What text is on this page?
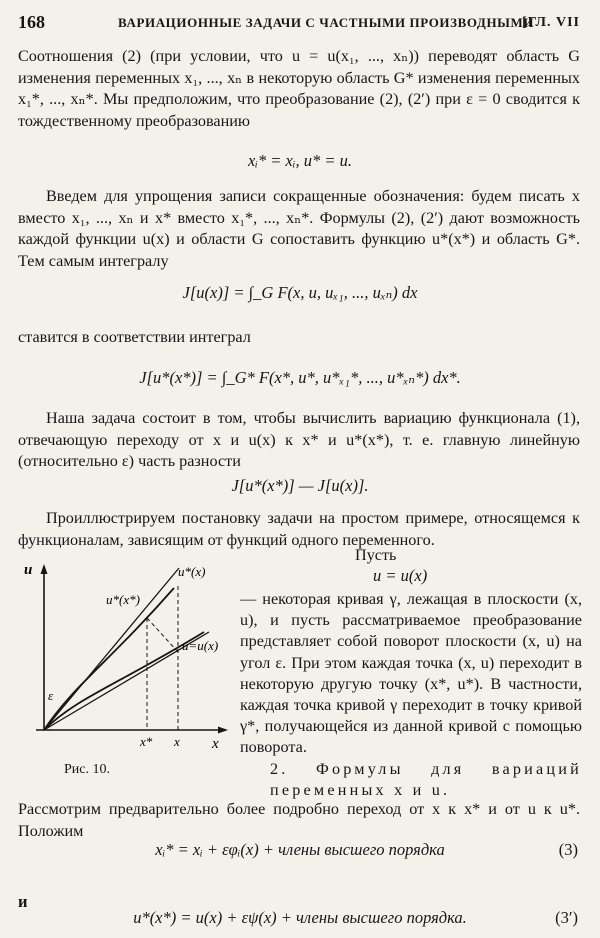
168	ВАРИАЦИОННЫЕ ЗАДАЧИ С ЧАСТНЫМИ ПРОИЗВОДНЫМИ
[ГЛ. VII

Соотношения (2) (при условии, что u = u(x₁, ..., xₙ)) переводят область G изменения переменных x₁, ..., xₙ в некоторую область G* изменения переменных x₁*, ..., xₙ*. Мы предположим, что преобразование (2), (2′) при ε = 0 сводится к тождественному преобразованию

xᵢ* = xᵢ, u* = u.

Введем для упрощения записи сокращенные обозначения: будем писать x вместо x₁, ..., xₙ и x* вместо x₁*, ..., xₙ*. Формулы (2), (2′) дают возможность каждой функции u(x) и области G сопоставить функцию u*(x*) и область G*. Тем самым интегралу

J[u(x)] = ∫_G F(x, u, uₓ₁, ..., uₓₙ) dx

ставится в соответствии интеграл

J[u*(x*)] = ∫_G* F(x*, u*, u*ₓ₁*, ..., u*ₓₙ*) dx*.

Наша задача состоит в том, чтобы вычислить вариацию функционала (1), отвечающую переходу от x и u(x) к x* и u*(x*), т. е. главную линейную (относительно ε) часть разности

J[u*(x*)] — J[u(x)].

Проиллюстрируем постановку задачи на простом примере, относящемся к функционалам, зависящим от функций одного переменного.

Пусть
u = u(x)
u
x
u*(x*)
u*(x)
u=u(x)
ε
x* x
Рис. 10.

— некоторая кривая γ, лежащая в плоскости (x, u), и пусть рассматриваемое преобразование представляет собой поворот плоскости (x, u) на угол ε. При этом каждая точка (x, u) переходит в некоторую другую точку (x*, u*). В частности, каждая точка кривой γ переходит в точку кривой γ*, получающейся из данной кривой с помощью поворота.

2. Формулы для вариаций переменных x и u.

Рассмотрим предварительно более подробно переход от x к x* и от u к u*. Положим

xᵢ* = xᵢ + εφᵢ(x) + члены высшего порядка	(3)
и

u*(x*) = u(x) + εψ(x) + члены высшего порядка.	(3′)
